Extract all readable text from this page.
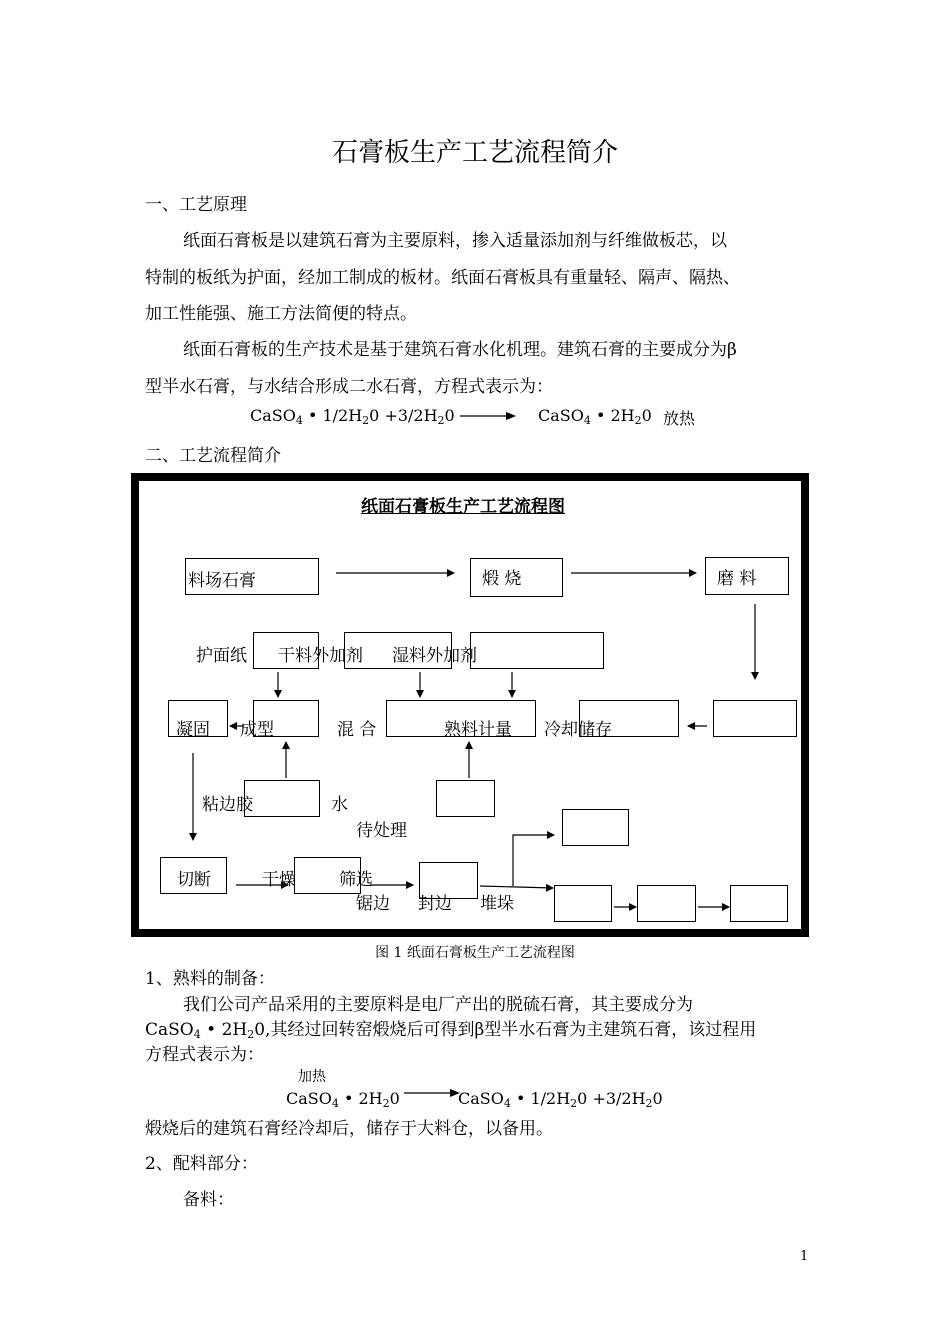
石膏板生产工艺流程简介
一、工艺原理
纸面石膏板是以建筑石膏为主要原料，掺入适量添加剂与纤维做板芯，以
特制的板纸为护面，经加工制成的板材。纸面石膏板具有重量轻、隔声、隔热、
加工性能强、施工方法简便的特点。
纸面石膏板的生产技术是基于建筑石膏水化机理。建筑石膏的主要成分为β
型半水石膏，与水结合形成二水石膏，方程式表示为：
CaSO$_4$ • $1/2H_20 +3/2H_20$	CaSO$_4$ • $2H_20$ 放热
二、工艺流程简介
纸面石膏板生产工艺流程图
料场石膏	煅 烧	磨 料
护面纸 干料外加剂 湿料外加剂
凝固 成型	混 合	熟料计量 冷却储存
粘边胶	水
待处理
切断	干燥	筛选
锯边 封边 堆垛
图 1 纸面石膏板生产工艺流程图
1、熟料的制备：
我们公司产品采用的主要原料是电厂产出的脱硫石膏，其主要成分为
CaSO$_4$ • $2H_20$,其经过回转窑煅烧后可得到β型半水石膏为主建筑石膏，该过程用
方程式表示为：
加热
CaSO$_4$ • $2H_20$	CaSO$_4$ • $1/2H_20 +3/2H_20$
煅烧后的建筑石膏经冷却后，储存于大料仓，以备用。
2、配料部分：
备料：
1
